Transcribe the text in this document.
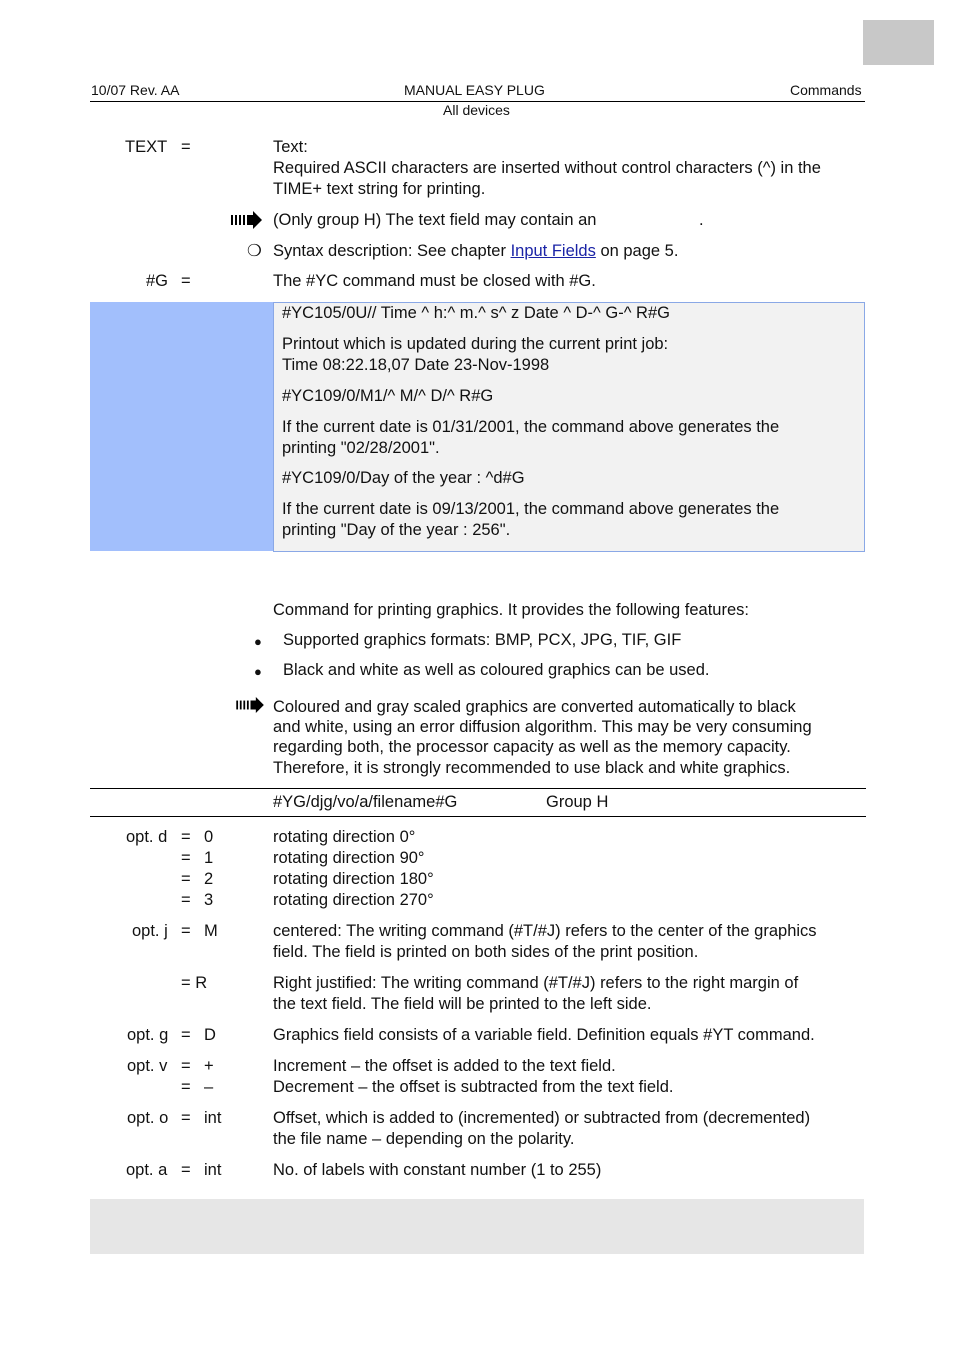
10/07 Rev. AA	MANUAL EASY PLUG	Commands
All devices
TEXT =	Text:
Required ASCII characters are inserted without control characters (^) in the
TIME+ text string for printing.
(Only group H) The text field may contain an	.
❍ Syntax description: See chapter Input Fields on page 5.
#G =	The #YC command must be closed with #G.
#YC105/0U// Time ^ h:^ m.^ s^ z Date ^ D-^ G-^ R#G
Printout which is updated during the current print job:
Time 08:22.18,07 Date 23-Nov-1998
#YC109/0/M1/^ M/^ D/^ R#G
If the current date is 01/31/2001, the command above generates the
printing "02/28/2001".
#YC109/0/Day of the year : ^d#G
If the current date is 09/13/2001, the command above generates the
printing "Day of the year : 256".
Command for printing graphics. It provides the following features:
● Supported graphics formats: BMP, PCX, JPG, TIF, GIF
● Black and white as well as coloured graphics can be used.
Coloured and gray scaled graphics are converted automatically to black
and white, using an error diffusion algorithm. This may be very consuming
regarding both, the processor capacity as well as the memory capacity.
Therefore, it is strongly recommended to use black and white graphics.
#YG/djg/vo/a/filename#G	Group H
opt. d = 0	rotating direction 0°
= 1	rotating direction 90°
= 2	rotating direction 180°
= 3	rotating direction 270°
opt. j = M	centered: The writing command (#T/#J) refers to the center of the graphics
field. The field is printed on both sides of the print position.
= R	Right justified: The writing command (#T/#J) refers to the right margin of
the text field. The field will be printed to the left side.
opt. g = D	Graphics field consists of a variable field. Definition equals #YT command.
opt. v = +	Increment – the offset is added to the text field.
= –	Decrement – the offset is subtracted from the text field.
opt. o = int	Offset, which is added to (incremented) or subtracted from (decremented)
the file name – depending on the polarity.
opt. a = int	No. of labels with constant number (1 to 255)
